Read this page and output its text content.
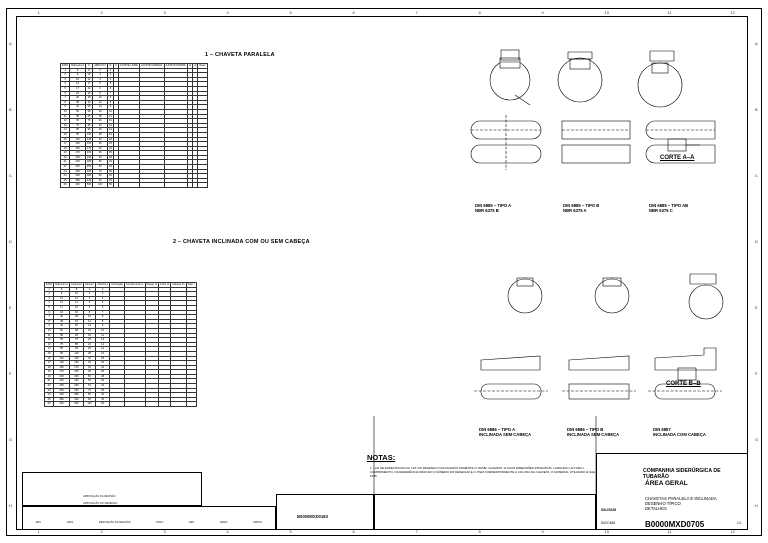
1
1
2
2
3
3
4
4
5
5
6
6
7
7
8
8
9
9
10
10
11
11
12
12
A	A
B	B
C	C
D	D
E	E
F	F
G	G
H	H
1 – CHAVETA PARALELA
EIXO	Diâmetro d	b	ABAIXO h	R	A	AJUSTE LIVRE	AJUSTE NORMAL	AJUSTE INTERF.	t1	t2	Raio r
1	6	8	2	2							
2	8	10	3	3							
3	10	12	4	4							
4	12	17	5	5							
5	17	22	6	6							
6	22	30	8	7							
7	30	38	10	8							
8	38	44	12	8							
9	44	50	14	9							
10	50	58	16	10							
11	58	65	18	11							
12	65	75	20	12							
13	75	85	22	14							
14	85	95	25	14							
15	95	110	28	16							
16	110	130	32	18							
17	130	150	36	20							
18	150	170	40	22							
19	170	200	45	25							
20	200	230	50	28							
21	230	260	56	32							
22	260	290	63	32							
23	290	330	70	36							
24	330	380	80	40							
25	380	440	90	45							
26	440	500	100	50							
2 – CHAVETA INCLINADA COM OU SEM CABEÇA
EIXO	Diâmetro d	Largura b	Altura h	Chanfro s	Inclinação	Comprimento L	Rasgo t1	Cubo t2	Cabeça h1	Raio r
1	6	8	2	2						
2	8	10	3	3						
3	10	12	4	4						
4	12	17	5	5						
5	17	22	6	6						
6	22	30	8	7						
7	30	38	10	8						
8	38	44	12	8						
9	44	50	14	9						
10	50	58	16	10						
11	58	65	18	11						
12	65	75	20	12						
13	75	85	22	14						
14	85	95	25	14						
15	95	110	28	16						
16	110	130	32	18						
17	130	150	36	20						
18	150	170	40	22						
19	170	200	45	25						
20	200	230	50	28						
21	230	260	56	32						
22	260	290	63	32						
23	290	330	70	36						
24	330	380	80	40						
25	380	440	90	45						
26	440	500	100	50						
DIN 6885 – TIPO A
NBR 6375 B
DIN 6885 – TIPO B
NBR 6375 A
DIN 6885 – TIPO AB
NBR 6375 C
CORTE A–A
DIN 6886 – TIPO A
INCLINADA SEM CABEÇA
DIN 6886 – TIPO B
INCLINADA SEM CABEÇA
DIN 6887
INCLINADA COM CABEÇA
CORTE B–B
NOTAS:
1 – AO SE ESPECIFICAR NA “LM” DO DESENHO COLOCAMOS SOMENTE O NOME “CHAVETA” E SUAS DIMENSÕES PRINCIPAIS, LARGURA x ALTURA x COMPRIMENTO, NA REFERÊNCIA INDICAR O NÚMERO DO DESENHO E O ITEM CORRESPONDENTE A COLUNA DA CHAVETA, O MATERIAL UTILIZADO É SAE 1045.
APROVAÇÃO DA REVISÃO
APROVAÇÃO DO DESENHO
REV	DATA	DESCRIÇÃO DA REVISÃO	PROJ	DES	VERIF	APROV
B0000MXD0183
COMPANHIA SIDERÚRGICA DE TUBARÃO
ÁREA GERAL
CHAVETAS PARALELA E INCLINADA
DESENHO TÍPICO
DETALHES
IDIU/SUM
84201848	B0000MXD0705	1/1
